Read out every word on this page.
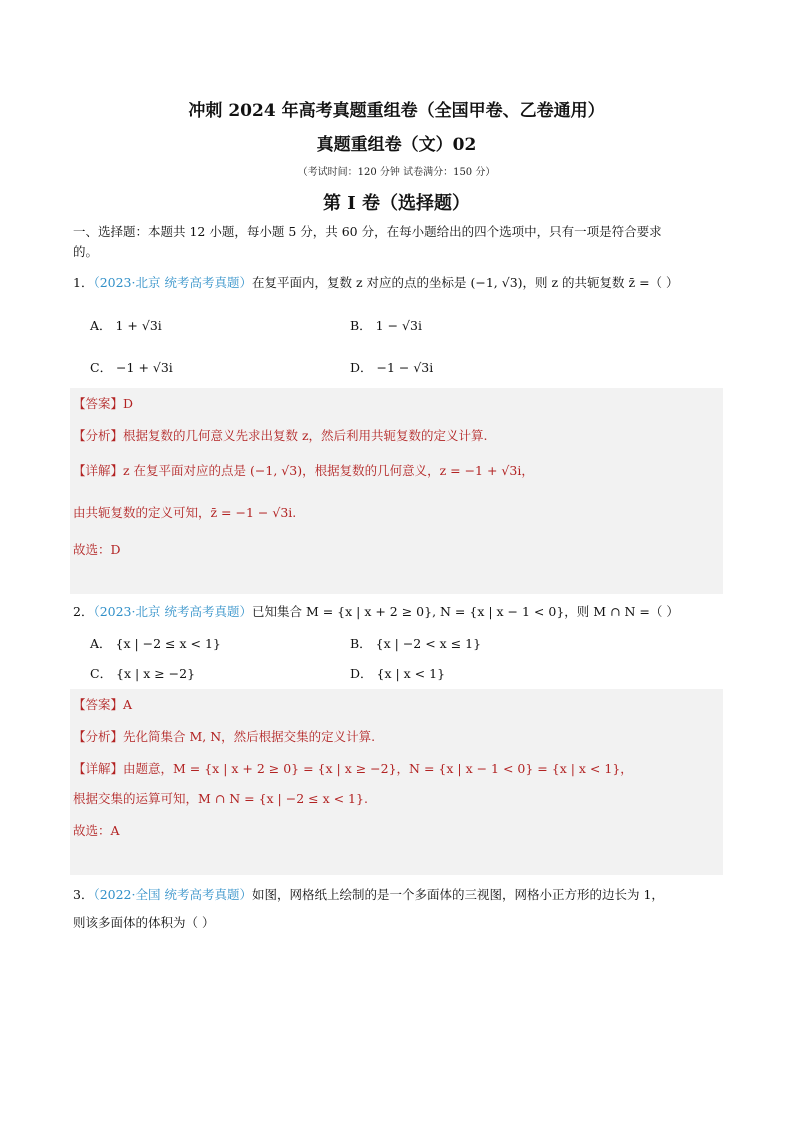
冲刺 2024 年高考真题重组卷（全国甲卷、乙卷通用）
真题重组卷（文）02
（考试时间：120 分钟 试卷满分：150 分）
第 I 卷（选择题）
一、选择题：本题共 12 小题，每小题 5 分，共 60 分，在每小题给出的四个选项中，只有一项是符合要求
的。
1．（2023·北京 统考高考真题）在复平面内，复数 z 对应的点的坐标是 (−1, √3)，则 z 的共轭复数 z̄ =（ ）
A． 1 + √3i	B． 1 − √3i
C． −1 + √3i	D． −1 − √3i
【答案】D
【分析】根据复数的几何意义先求出复数 z，然后利用共轭复数的定义计算.
【详解】z 在复平面对应的点是 (−1, √3)，根据复数的几何意义，z = −1 + √3i，
由共轭复数的定义可知，z̄ = −1 − √3i.
故选：D
2．（2023·北京 统考高考真题）已知集合 M = {x | x + 2 ≥ 0}, N = {x | x − 1 < 0}，则 M ∩ N =（ ）
A． {x | −2 ≤ x < 1}	B． {x | −2 < x ≤ 1}
C． {x | x ≥ −2}	D． {x | x < 1}
【答案】A
【分析】先化简集合 M, N，然后根据交集的定义计算.
【详解】由题意，M = {x | x + 2 ≥ 0} = {x | x ≥ −2}，N = {x | x − 1 < 0} = {x | x < 1}，
根据交集的运算可知，M ∩ N = {x | −2 ≤ x < 1}.
故选：A
3．（2022·全国 统考高考真题）如图，网格纸上绘制的是一个多面体的三视图，网格小正方形的边长为 1，
则该多面体的体积为（ ）
